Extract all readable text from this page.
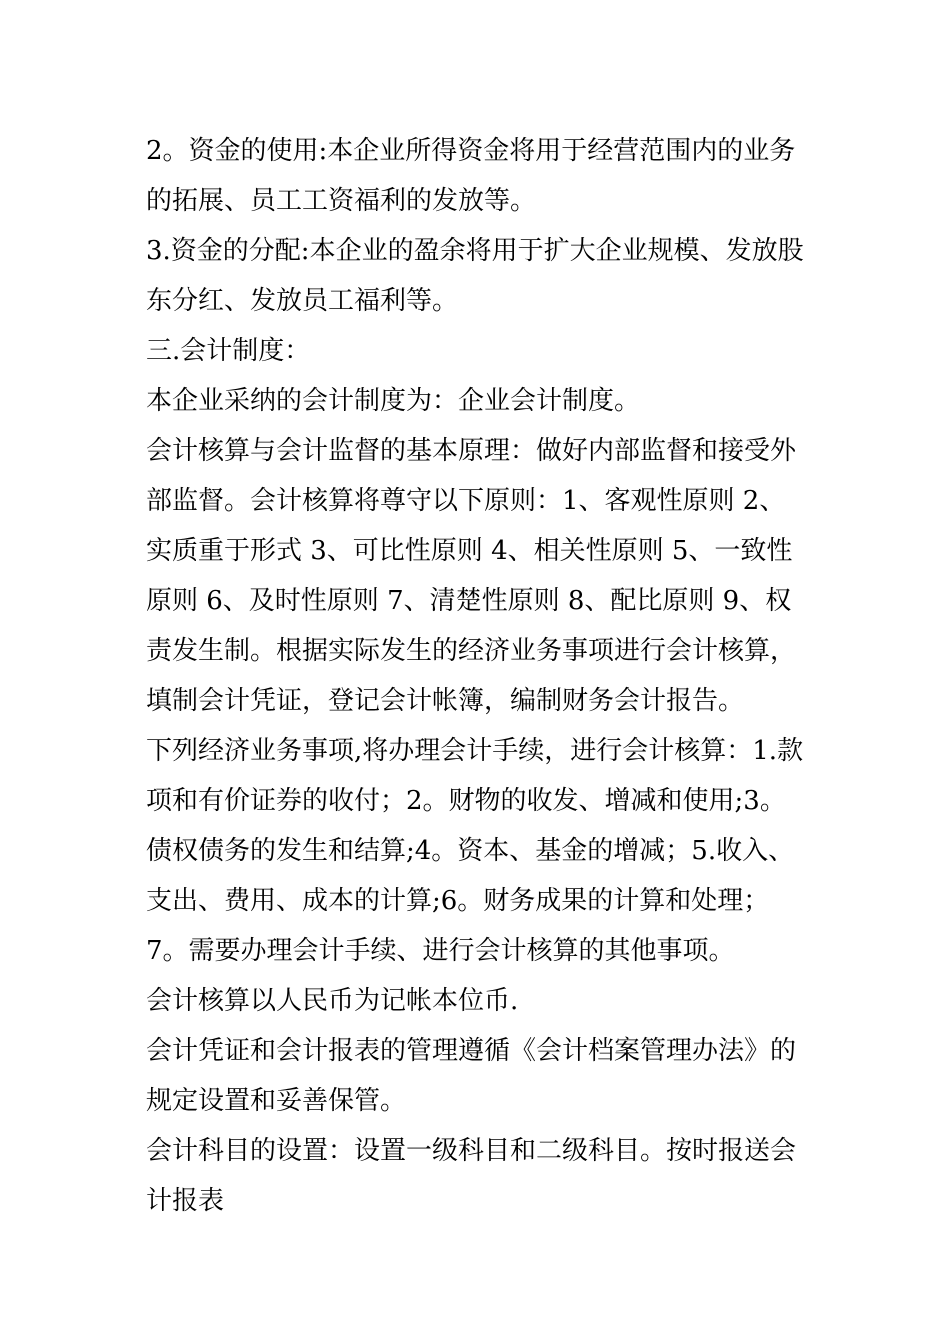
2。资金的使用:本企业所得资金将用于经营范围内的业务的拓展、员工工资福利的发放等。

3.资金的分配:本企业的盈余将用于扩大企业规模、发放股东分红、发放员工福利等。

三.会计制度：

本企业采纳的会计制度为：企业会计制度。

会计核算与会计监督的基本原理：做好内部监督和接受外部监督。会计核算将尊守以下原则：1、客观性原则 2、实质重于形式 3、可比性原则 4、相关性原则 5、一致性原则 6、及时性原则 7、清楚性原则 8、配比原则 9、权责发生制。根据实际发生的经济业务事项进行会计核算，填制会计凭证，登记会计帐簿，编制财务会计报告。

下列经济业务事项,将办理会计手续，进行会计核算：1.款项和有价证券的收付；2。财物的收发、增减和使用;3。债权债务的发生和结算;4。资本、基金的增减；5.收入、支出、费用、成本的计算;6。财务成果的计算和处理；7。需要办理会计手续、进行会计核算的其他事项。

会计核算以人民币为记帐本位币.

会计凭证和会计报表的管理遵循《会计档案管理办法》的规定设置和妥善保管。

会计科目的设置：设置一级科目和二级科目。按时报送会计报表
